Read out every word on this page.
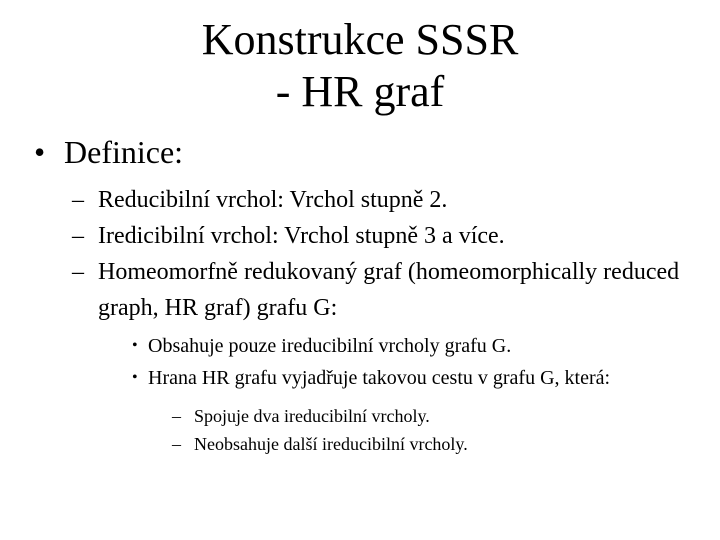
Konstrukce SSSR
- HR graf
• Definice:
– Reducibilní vrchol: Vrchol stupně 2.
– Iredicibilní vrchol: Vrchol stupně 3 a více.
– Homeomorfně redukovaný graf (homeomorphically reduced graph, HR graf) grafu G:
• Obsahuje pouze ireducibilní vrcholy grafu G.
• Hrana HR grafu vyjadřuje takovou cestu v grafu G, která:
– Spojuje dva ireducibilní vrcholy.
– Neobsahuje další ireducibilní vrcholy.
